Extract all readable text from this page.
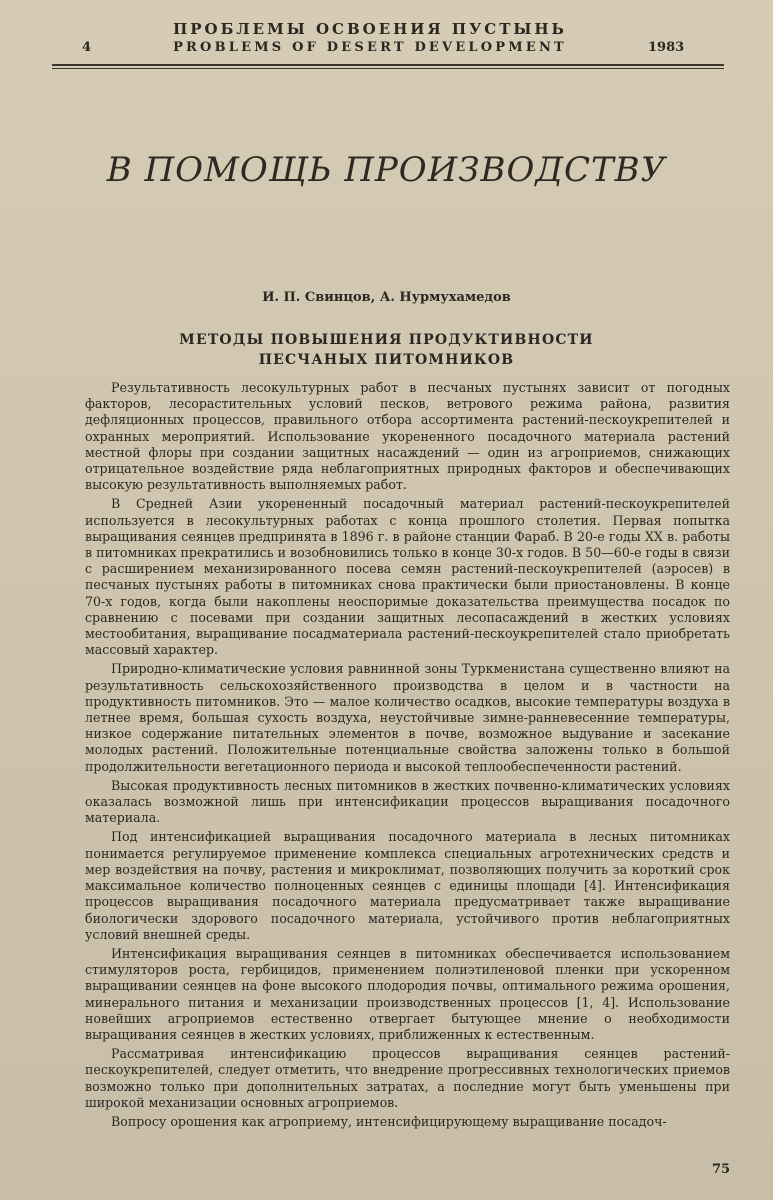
4
ПРОБЛЕМЫ ОСВОЕНИЯ ПУСТЫНЬ
PROBLEMS OF DESERT DEVELOPMENT	1983
В ПОМОЩЬ ПРОИЗВОДСТВУ
И. П. Свинцов, А. Нурмухамедов
МЕТОДЫ ПОВЫШЕНИЯ ПРОДУКТИВНОСТИ
ПЕСЧАНЫХ ПИТОМНИКОВ

Результативность лесокультурных работ в песчаных пустынях зависит от погодных факторов, лесорастительных условий песков, ветрового режима района, развития дефляционных процессов, правильного отбора ассортимента растений-пескоукрепителей и охранных мероприятий. Использование укорененного посадочного материала растений местной флоры при создании защитных насаждений — один из агроприемов, снижающих отрицательное воздействие ряда неблагоприятных природных факторов и обеспечивающих высокую результативность выполняемых работ.

В Средней Азии укорененный посадочный материал растений-пескоукрепителей используется в лесокультурных работах с конца прошлого столетия. Первая попытка выращивания сеянцев предпринята в 1896 г. в районе станции Фараб. В 20-е годы XX в. работы в питомниках прекратились и возобновились только в конце 30-х годов. В 50—60-е годы в связи с расширением механизированного посева семян растений-пескоукрепителей (аэросев) в песчаных пустынях работы в питомниках снова практически были приостановлены. В конце 70-х годов, когда были накоплены неоспоримые доказательства преимущества посадок по сравнению с посевами при создании защитных лесопасаждений в жестких условиях местообитания, выращивание посадматериала растений-пескоукрепителей стало приобретать массовый характер.

Природно-климатические условия равнинной зоны Туркменистана существенно влияют на результативность сельскохозяйственного производства в целом и в частности на продуктивность питомников. Это — малое количество осадков, высокие температуры воздуха в летнее время, большая сухость воздуха, неустойчивые зимне-ранневесенние температуры, низкое содержание питательных элементов в почве, возможное выдувание и засекание молодых растений. Положительные потенциальные свойства заложены только в большой продолжительности вегетационного периода и высокой теплообеспеченности растений.

Высокая продуктивность лесных питомников в жестких почвенно-климатических условиях оказалась возможной лишь при интенсификации процессов выращивания посадочного материала.

Под интенсификацией выращивания посадочного материала в лесных питомниках понимается регулируемое применение комплекса специальных агротехнических средств и мер воздействия на почву, растения и микроклимат, позволяющих получить за короткий срок максимальное количество полноценных сеянцев с единицы площади [4]. Интенсификация процессов выращивания посадочного материала предусматривает также выращивание биологически здорового посадочного материала, устойчивого против неблагоприятных условий внешней среды.

Интенсификация выращивания сеянцев в питомниках обеспечивается использованием стимуляторов роста, гербицидов, применением полиэтиленовой пленки при ускоренном выращивании сеянцев на фоне высокого плодородия почвы, оптимального режима орошения, минерального питания и механизации производственных процессов [1, 4]. Использование новейших агроприемов естественно отвергает бытующее мнение о необходимости выращивания сеянцев в жестких условиях, приближенных к естественным.

Рассматривая интенсификацию процессов выращивания сеянцев растений-пескоукрепителей, следует отметить, что внедрение прогрессивных технологических приемов возможно только при дополнительных затратах, а последние могут быть уменьшены при широкой механизации основных агроприемов.

Вопросу орошения как агроприему, интенсифицирующему выращивание посадоч-

75
